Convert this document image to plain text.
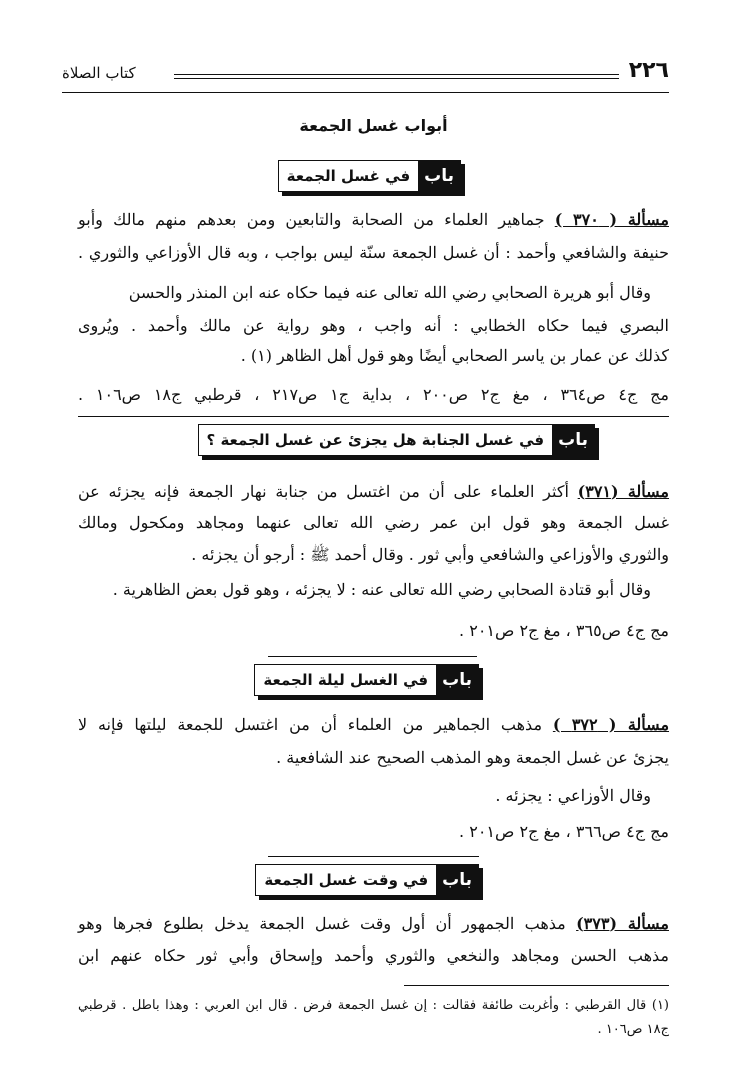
٢٢٦
كتاب الصلاة
أبواب غسل الجمعة
باب
في غسل الجمعة
مسألة ( ٣٧٠ ) جماهير العلماء من الصحابة والتابعين ومن بعدهم منهم مالك وأبو
حنيفة والشافعي وأحمد : أن غسل الجمعة سنّة ليس بواجب ، وبه قال الأوزاعي والثوري .
وقال أبو هريرة الصحابي رضي الله تعالى عنه فيما حكاه عنه ابن المنذر والحسن
البصري فيما حكاه الخطابي : أنه واجب ، وهو رواية عن مالك وأحمد . ويُروى
كذلك عن عمار بن ياسر الصحابي أيضًا وهو قول أهل الظاهر (١) .
مج ج٤ ص٣٦٤ ، مغ ج٢ ص٢٠٠ ، بداية ج١ ص٢١٧ ، قرطبي ج١٨ ص١٠٦ .
باب
في غسل الجنابة هل يجزئ عن غسل الجمعة ؟
مسألة (٣٧١) أكثر العلماء على أن من اغتسل من جنابة نهار الجمعة فإنه يجزئه عن
غسل الجمعة وهو قول ابن عمر رضي الله تعالى عنهما ومجاهد ومكحول ومالك
والثوري والأوزاعي والشافعي وأبي ثور . وقال أحمد ﷺ : أرجو أن يجزئه .
وقال أبو قتادة الصحابي رضي الله تعالى عنه : لا يجزئه ، وهو قول بعض الظاهرية .
مج ج٤ ص٣٦٥ ، مغ ج٢ ص٢٠١ .
باب
في الغسل ليلة الجمعة
مسألة ( ٣٧٢ ) مذهب الجماهير من العلماء أن من اغتسل للجمعة ليلتها فإنه لا
يجزئ عن غسل الجمعة وهو المذهب الصحيح عند الشافعية .
وقال الأوزاعي : يجزئه .
مج ج٤ ص٣٦٦ ، مغ ج٢ ص٢٠١ .
باب
في وقت غسل الجمعة
مسألة (٣٧٣) مذهب الجمهور أن أول وقت غسل الجمعة يدخل بطلوع فجرها وهو
مذهب الحسن ومجاهد والنخعي والثوري وأحمد وإسحاق وأبي ثور حكاه عنهم ابن
(١) قال القرطبي : وأغربت طائفة فقالت : إن غسل الجمعة فرض . قال ابن العربي : وهذا باطل . قرطبي
ج١٨ ص١٠٦ .
